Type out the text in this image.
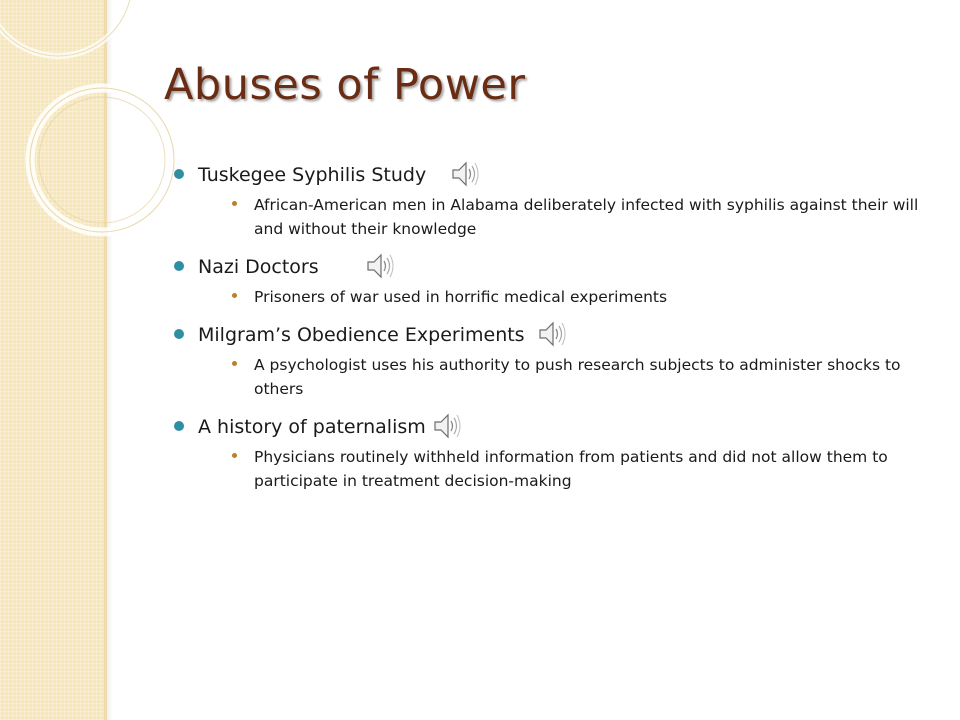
Abuses of Power
Tuskegee Syphilis Study
African-American men in Alabama deliberately infected with syphilis against their will and without their knowledge
Nazi Doctors
Prisoners of war used in horrific medical experiments
Milgram’s Obedience Experiments
A psychologist uses his authority to push research subjects to administer shocks to others
A history of paternalism
Physicians routinely withheld information from patients and did not allow them to participate in treatment decision-making
